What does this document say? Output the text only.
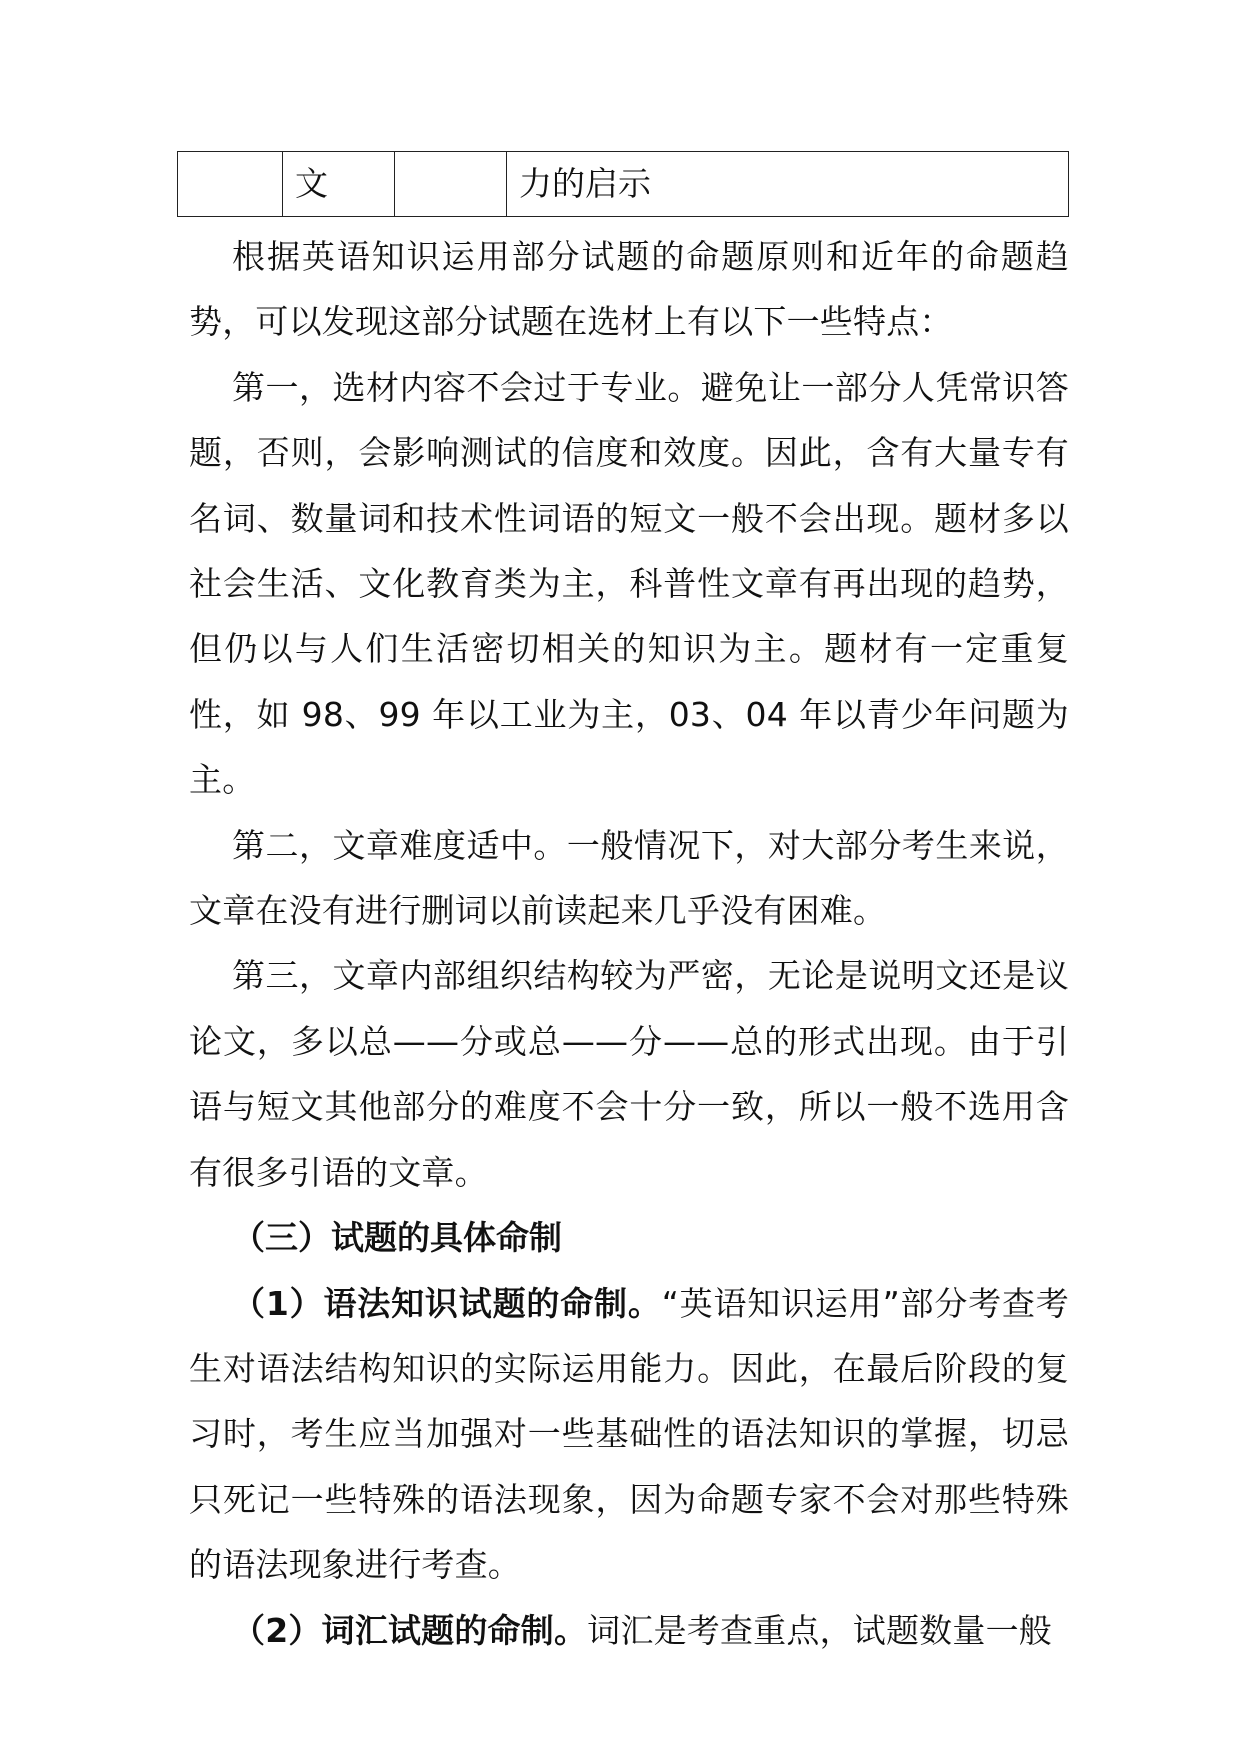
	文		力的启示

根据英语知识运用部分试题的命题原则和近年的命题趋势，可以发现这部分试题在选材上有以下一些特点：

第一，选材内容不会过于专业。避免让一部分人凭常识答题，否则，会影响测试的信度和效度。因此，含有大量专有名词、数量词和技术性词语的短文一般不会出现。题材多以社会生活、文化教育类为主，科普性文章有再出现的趋势，但仍以与人们生活密切相关的知识为主。题材有一定重复性，如 98、99 年以工业为主，03、04 年以青少年问题为主。

第二，文章难度适中。一般情况下，对大部分考生来说，文章在没有进行删词以前读起来几乎没有困难。

第三，文章内部组织结构较为严密，无论是说明文还是议论文，多以总——分或总——分——总的形式出现。由于引语与短文其他部分的难度不会十分一致，所以一般不选用含有很多引语的文章。

（三）试题的具体命制

（1）语法知识试题的命制。“英语知识运用”部分考查考生对语法结构知识的实际运用能力。因此，在最后阶段的复习时，考生应当加强对一些基础性的语法知识的掌握，切忌只死记一些特殊的语法现象，因为命题专家不会对那些特殊的语法现象进行考查。

（2）词汇试题的命制。词汇是考查重点，试题数量一般
